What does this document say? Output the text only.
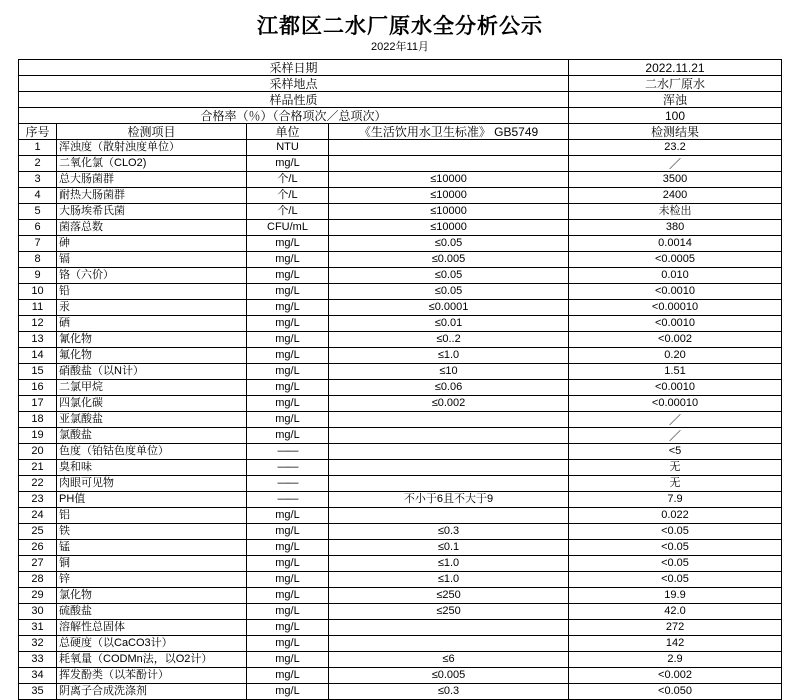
江都区二水厂原水全分析公示
2022年11月
采样日期				2022.11.21
采样地点				二水厂原水
样品性质				浑浊
合格率（％）（合格项次／总项次）				100
序号	检测项目	单位	《生活饮用水卫生标准》 GB5749	检测结果
1	浑浊度（散射浊度单位）	NTU		23.2
2	二氧化氯（CLO2)	mg/L		／
3	总大肠菌群	个/L	≤10000	3500
4	耐热大肠菌群	个/L	≤10000	2400
5	大肠埃希氏菌	个/L	≤10000	未检出
6	菌落总数	CFU/mL	≤10000	380
7	砷	mg/L	≤0.05	0.0014
8	镉	mg/L	≤0.005	<0.0005
9	铬（六价）	mg/L	≤0.05	0.010
10	铅	mg/L	≤0.05	<0.0010
11	汞	mg/L	≤0.0001	<0.00010
12	硒	mg/L	≤0.01	<0.0010
13	氰化物	mg/L	≤0..2	<0.002
14	氟化物	mg/L	≤1.0	0.20
15	硝酸盐（以N计）	mg/L	≤10	1.51
16	二氯甲烷	mg/L	≤0.06	<0.0010
17	四氯化碳	mg/L	≤0.002	<0.00010
18	亚氯酸盐	mg/L		／
19	氯酸盐	mg/L		／
20	色度（铂钴色度单位）	——		<5
21	臭和味	——		无
22	肉眼可见物	——		无
23	PH值	——	不小于6且不大于9	7.9
24	铝	mg/L		0.022
25	铁	mg/L	≤0.3	<0.05
26	锰	mg/L	≤0.1	<0.05
27	铜	mg/L	≤1.0	<0.05
28	锌	mg/L	≤1.0	<0.05
29	氯化物	mg/L	≤250	19.9
30	硫酸盐	mg/L	≤250	42.0
31	溶解性总固体	mg/L		272
32	总硬度（以CaCO3计）	mg/L		142
33	耗氧量（CODMn法，以O2计）	mg/L	≤6	2.9
34	挥发酚类（以苯酚计）	mg/L	≤0.005	<0.002
35	阴离子合成洗涤剂	mg/L	≤0.3	<0.050
